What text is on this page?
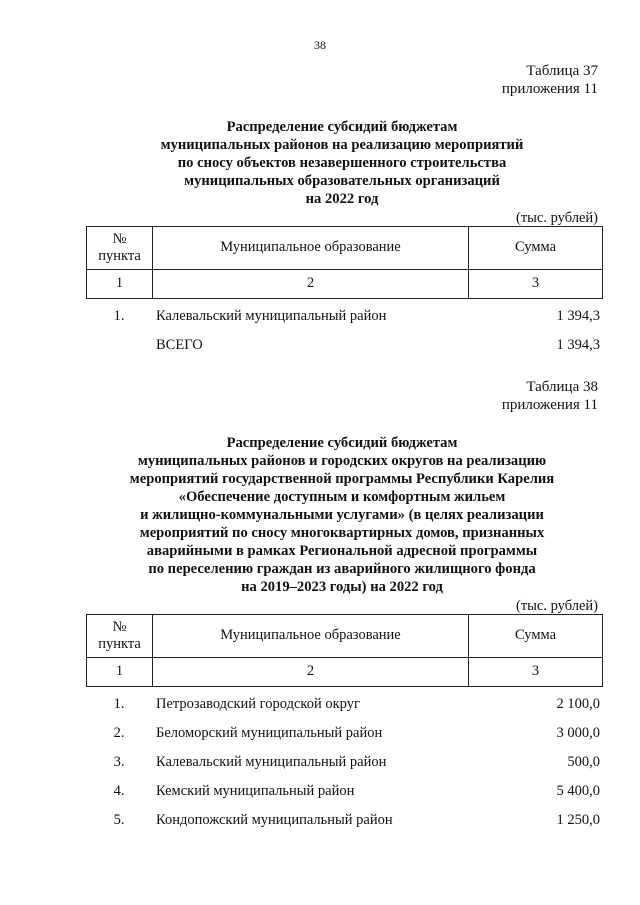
38
Таблица 37
приложения 11
Распределение субсидий бюджетам
муниципальных районов на реализацию мероприятий
по сносу объектов незавершенного строительства
муниципальных образовательных организаций
на 2022 год
(тыс. рублей)
№
пункта	Муниципальное образование	Сумма
1	2	3
1.	Калевальский муниципальный район	1 394,3
	ВСЕГО	1 394,3
Таблица 38
приложения 11
Распределение субсидий бюджетам
муниципальных районов и городских округов на реализацию
мероприятий государственной программы Республики Карелия
«Обеспечение доступным и комфортным жильем
и жилищно-коммунальными услугами» (в целях реализации
мероприятий по сносу многоквартирных домов, признанных
аварийными в рамках Региональной адресной программы
по переселению граждан из аварийного жилищного фонда
на 2019–2023 годы) на 2022 год
(тыс. рублей)
№
пункта	Муниципальное образование	Сумма
1	2	3
1.	Петрозаводский городской округ	2 100,0
2.	Беломорский муниципальный район	3 000,0
3.	Калевальский муниципальный район	500,0
4.	Кемский муниципальный район	5 400,0
5.	Кондопожский муниципальный район	1 250,0
